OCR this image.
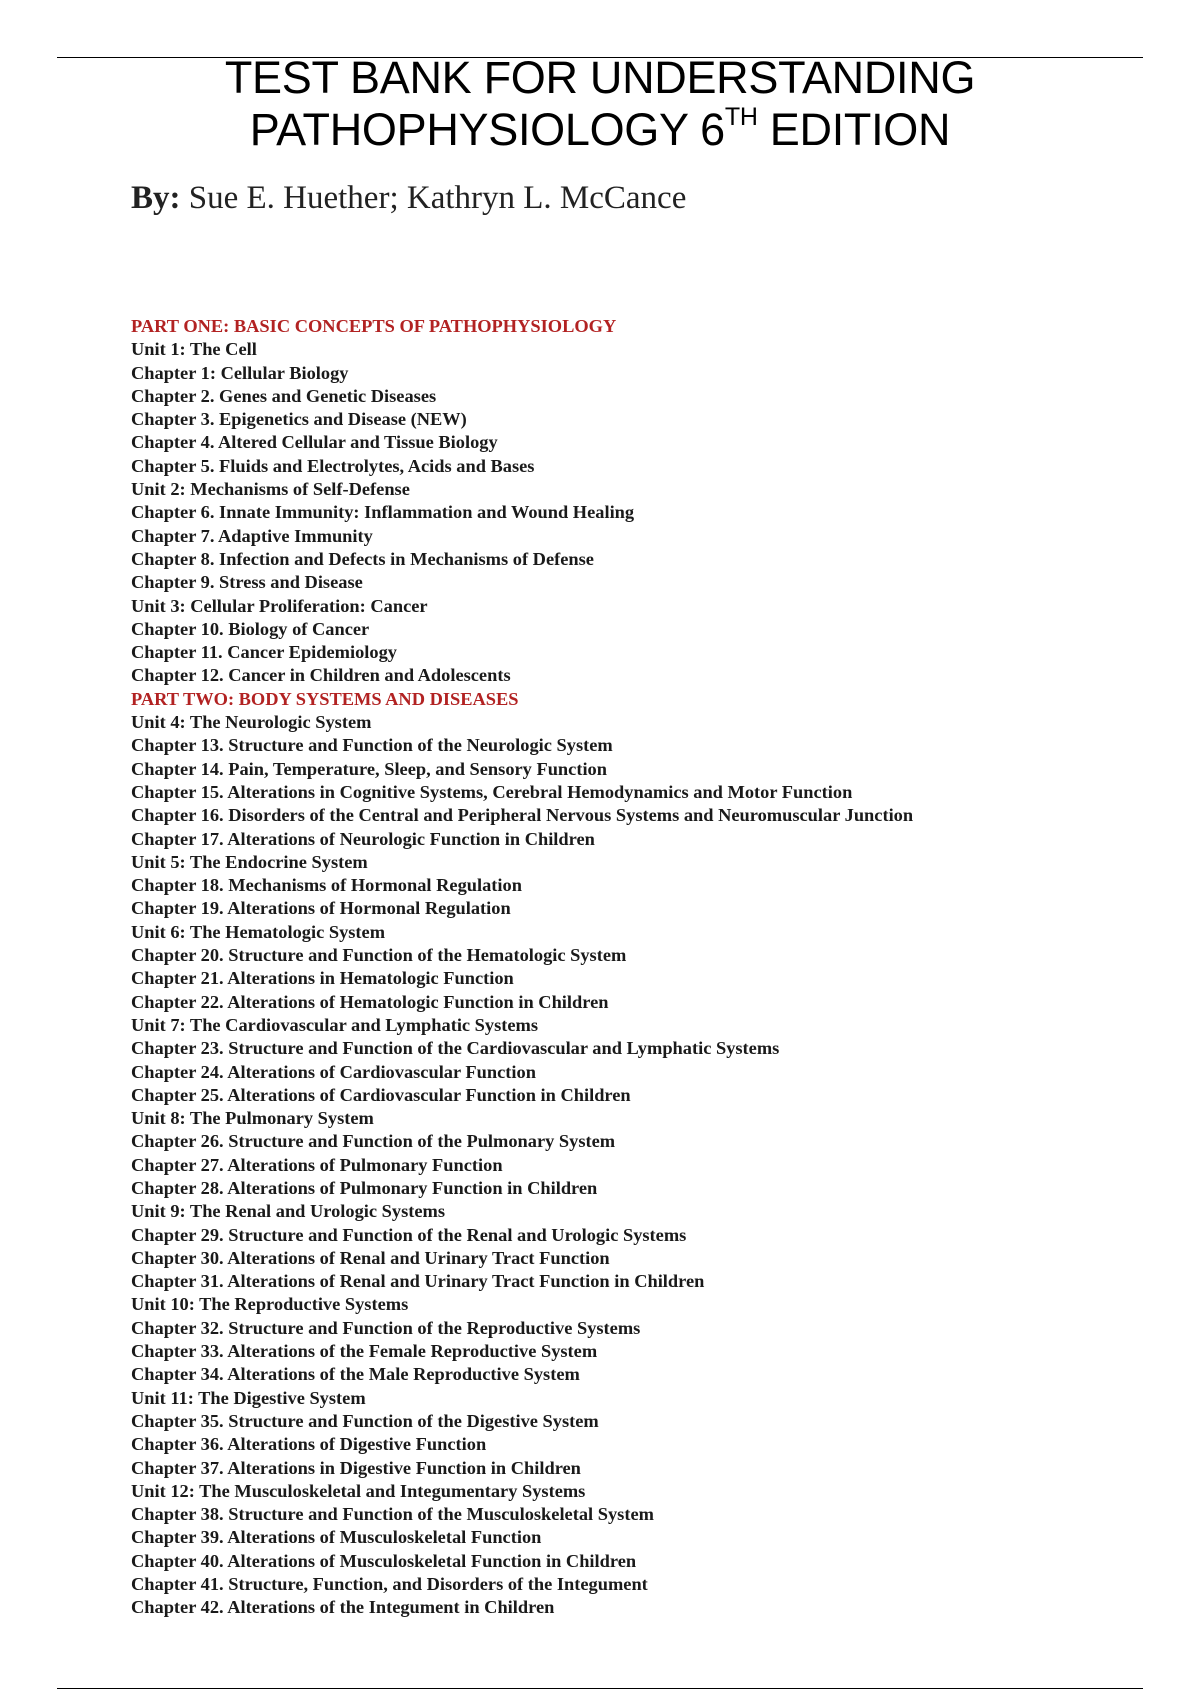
TEST BANK FOR UNDERSTANDING
PATHOPHYSIOLOGY 6TH EDITION
By: Sue E. Huether; Kathryn L. McCance
PART ONE: BASIC CONCEPTS OF PATHOPHYSIOLOGY
Unit 1: The Cell
Chapter 1: Cellular Biology
Chapter 2. Genes and Genetic Diseases
Chapter 3. Epigenetics and Disease (NEW)
Chapter 4. Altered Cellular and Tissue Biology
Chapter 5. Fluids and Electrolytes, Acids and Bases
Unit 2: Mechanisms of Self-Defense
Chapter 6. Innate Immunity: Inflammation and Wound Healing
Chapter 7. Adaptive Immunity
Chapter 8. Infection and Defects in Mechanisms of Defense
Chapter 9. Stress and Disease
Unit 3: Cellular Proliferation: Cancer
Chapter 10. Biology of Cancer
Chapter 11. Cancer Epidemiology
Chapter 12. Cancer in Children and Adolescents
PART TWO: BODY SYSTEMS AND DISEASES
Unit 4: The Neurologic System
Chapter 13. Structure and Function of the Neurologic System
Chapter 14. Pain, Temperature, Sleep, and Sensory Function
Chapter 15. Alterations in Cognitive Systems, Cerebral Hemodynamics and Motor Function
Chapter 16. Disorders of the Central and Peripheral Nervous Systems and Neuromuscular Junction
Chapter 17. Alterations of Neurologic Function in Children
Unit 5: The Endocrine System
Chapter 18. Mechanisms of Hormonal Regulation
Chapter 19. Alterations of Hormonal Regulation
Unit 6: The Hematologic System
Chapter 20. Structure and Function of the Hematologic System
Chapter 21. Alterations in Hematologic Function
Chapter 22. Alterations of Hematologic Function in Children
Unit 7: The Cardiovascular and Lymphatic Systems
Chapter 23. Structure and Function of the Cardiovascular and Lymphatic Systems
Chapter 24. Alterations of Cardiovascular Function
Chapter 25. Alterations of Cardiovascular Function in Children
Unit 8: The Pulmonary System
Chapter 26. Structure and Function of the Pulmonary System
Chapter 27. Alterations of Pulmonary Function
Chapter 28. Alterations of Pulmonary Function in Children
Unit 9: The Renal and Urologic Systems
Chapter 29. Structure and Function of the Renal and Urologic Systems
Chapter 30. Alterations of Renal and Urinary Tract Function
Chapter 31. Alterations of Renal and Urinary Tract Function in Children
Unit 10: The Reproductive Systems
Chapter 32. Structure and Function of the Reproductive Systems
Chapter 33. Alterations of the Female Reproductive System
Chapter 34. Alterations of the Male Reproductive System
Unit 11: The Digestive System
Chapter 35. Structure and Function of the Digestive System
Chapter 36. Alterations of Digestive Function
Chapter 37. Alterations in Digestive Function in Children
Unit 12: The Musculoskeletal and Integumentary Systems
Chapter 38. Structure and Function of the Musculoskeletal System
Chapter 39. Alterations of Musculoskeletal Function
Chapter 40. Alterations of Musculoskeletal Function in Children
Chapter 41. Structure, Function, and Disorders of the Integument
Chapter 42. Alterations of the Integument in Children
